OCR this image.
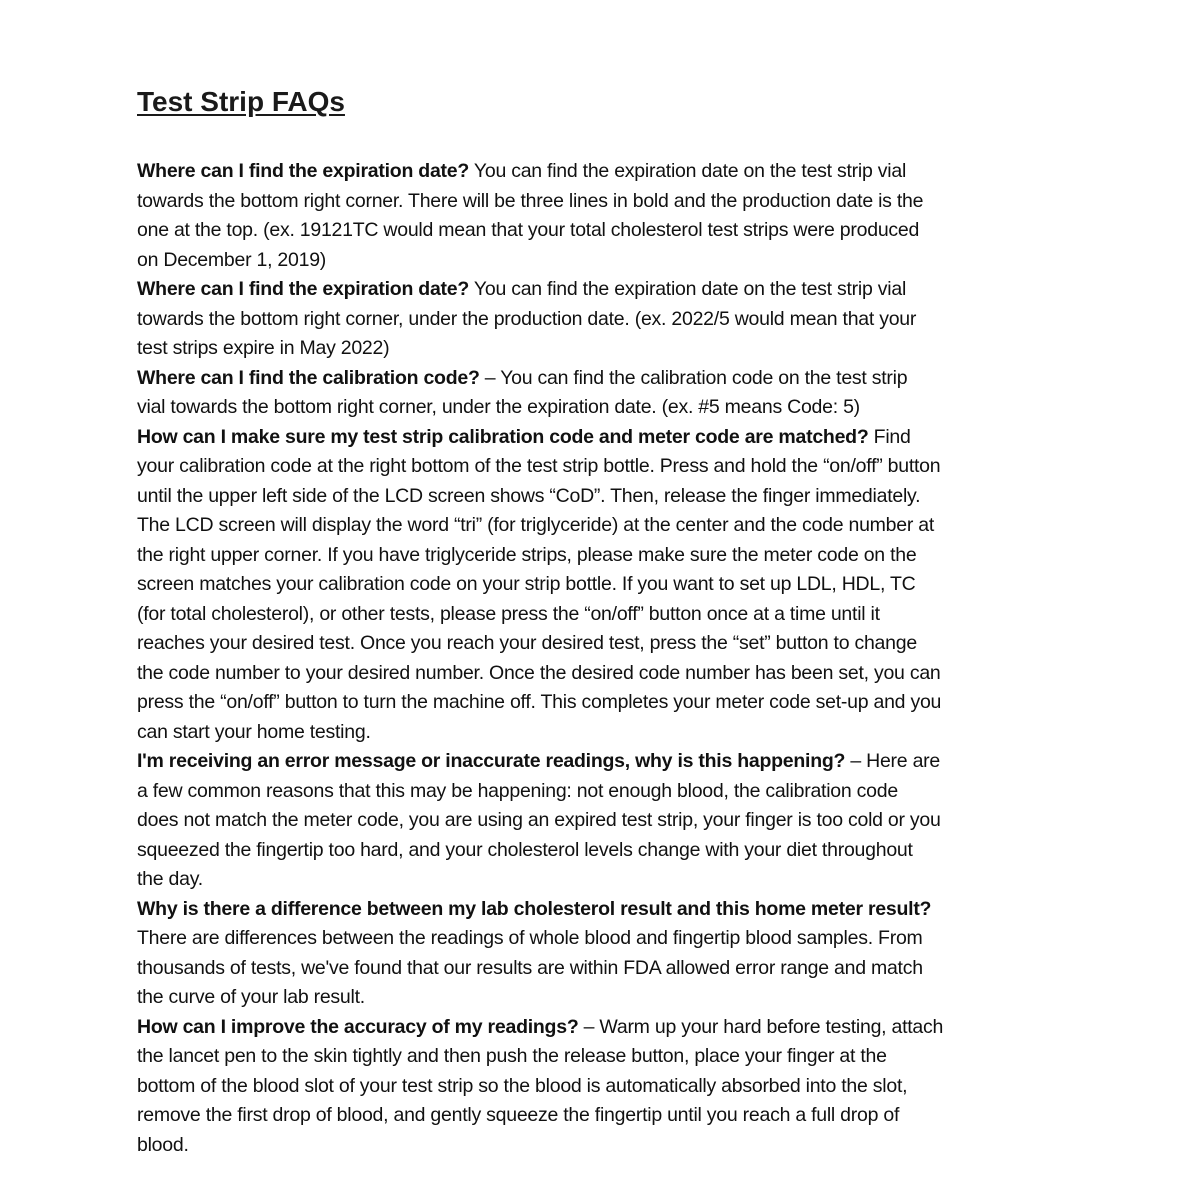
Test Strip FAQs
Where can I find the expiration date? You can find the expiration date on the test strip vial
towards the bottom right corner. There will be three lines in bold and the production date is the
one at the top. (ex. 19121TC would mean that your total cholesterol test strips were produced
on December 1, 2019)
Where can I find the expiration date? You can find the expiration date on the test strip vial
towards the bottom right corner, under the production date. (ex. 2022/5 would mean that your
test strips expire in May 2022)
Where can I find the calibration code? – You can find the calibration code on the test strip
vial towards the bottom right corner, under the expiration date. (ex. #5 means Code: 5)
How can I make sure my test strip calibration code and meter code are matched? Find
your calibration code at the right bottom of the test strip bottle. Press and hold the “on/off” button
until the upper left side of the LCD screen shows “CoD”. Then, release the finger immediately.
The LCD screen will display the word “tri” (for triglyceride) at the center and the code number at
the right upper corner. If you have triglyceride strips, please make sure the meter code on the
screen matches your calibration code on your strip bottle. If you want to set up LDL, HDL, TC
(for total cholesterol), or other tests, please press the “on/off” button once at a time until it
reaches your desired test. Once you reach your desired test, press the “set” button to change
the code number to your desired number. Once the desired code number has been set, you can
press the “on/off” button to turn the machine off. This completes your meter code set-up and you
can start your home testing.
I'm receiving an error message or inaccurate readings, why is this happening? – Here are
a few common reasons that this may be happening: not enough blood, the calibration code
does not match the meter code, you are using an expired test strip, your finger is too cold or you
squeezed the fingertip too hard, and your cholesterol levels change with your diet throughout
the day.
Why is there a difference between my lab cholesterol result and this home meter result?
There are differences between the readings of whole blood and fingertip blood samples. From
thousands of tests, we've found that our results are within FDA allowed error range and match
the curve of your lab result.
How can I improve the accuracy of my readings? – Warm up your hard before testing, attach
the lancet pen to the skin tightly and then push the release button, place your finger at the
bottom of the blood slot of your test strip so the blood is automatically absorbed into the slot,
remove the first drop of blood, and gently squeeze the fingertip until you reach a full drop of
blood.
